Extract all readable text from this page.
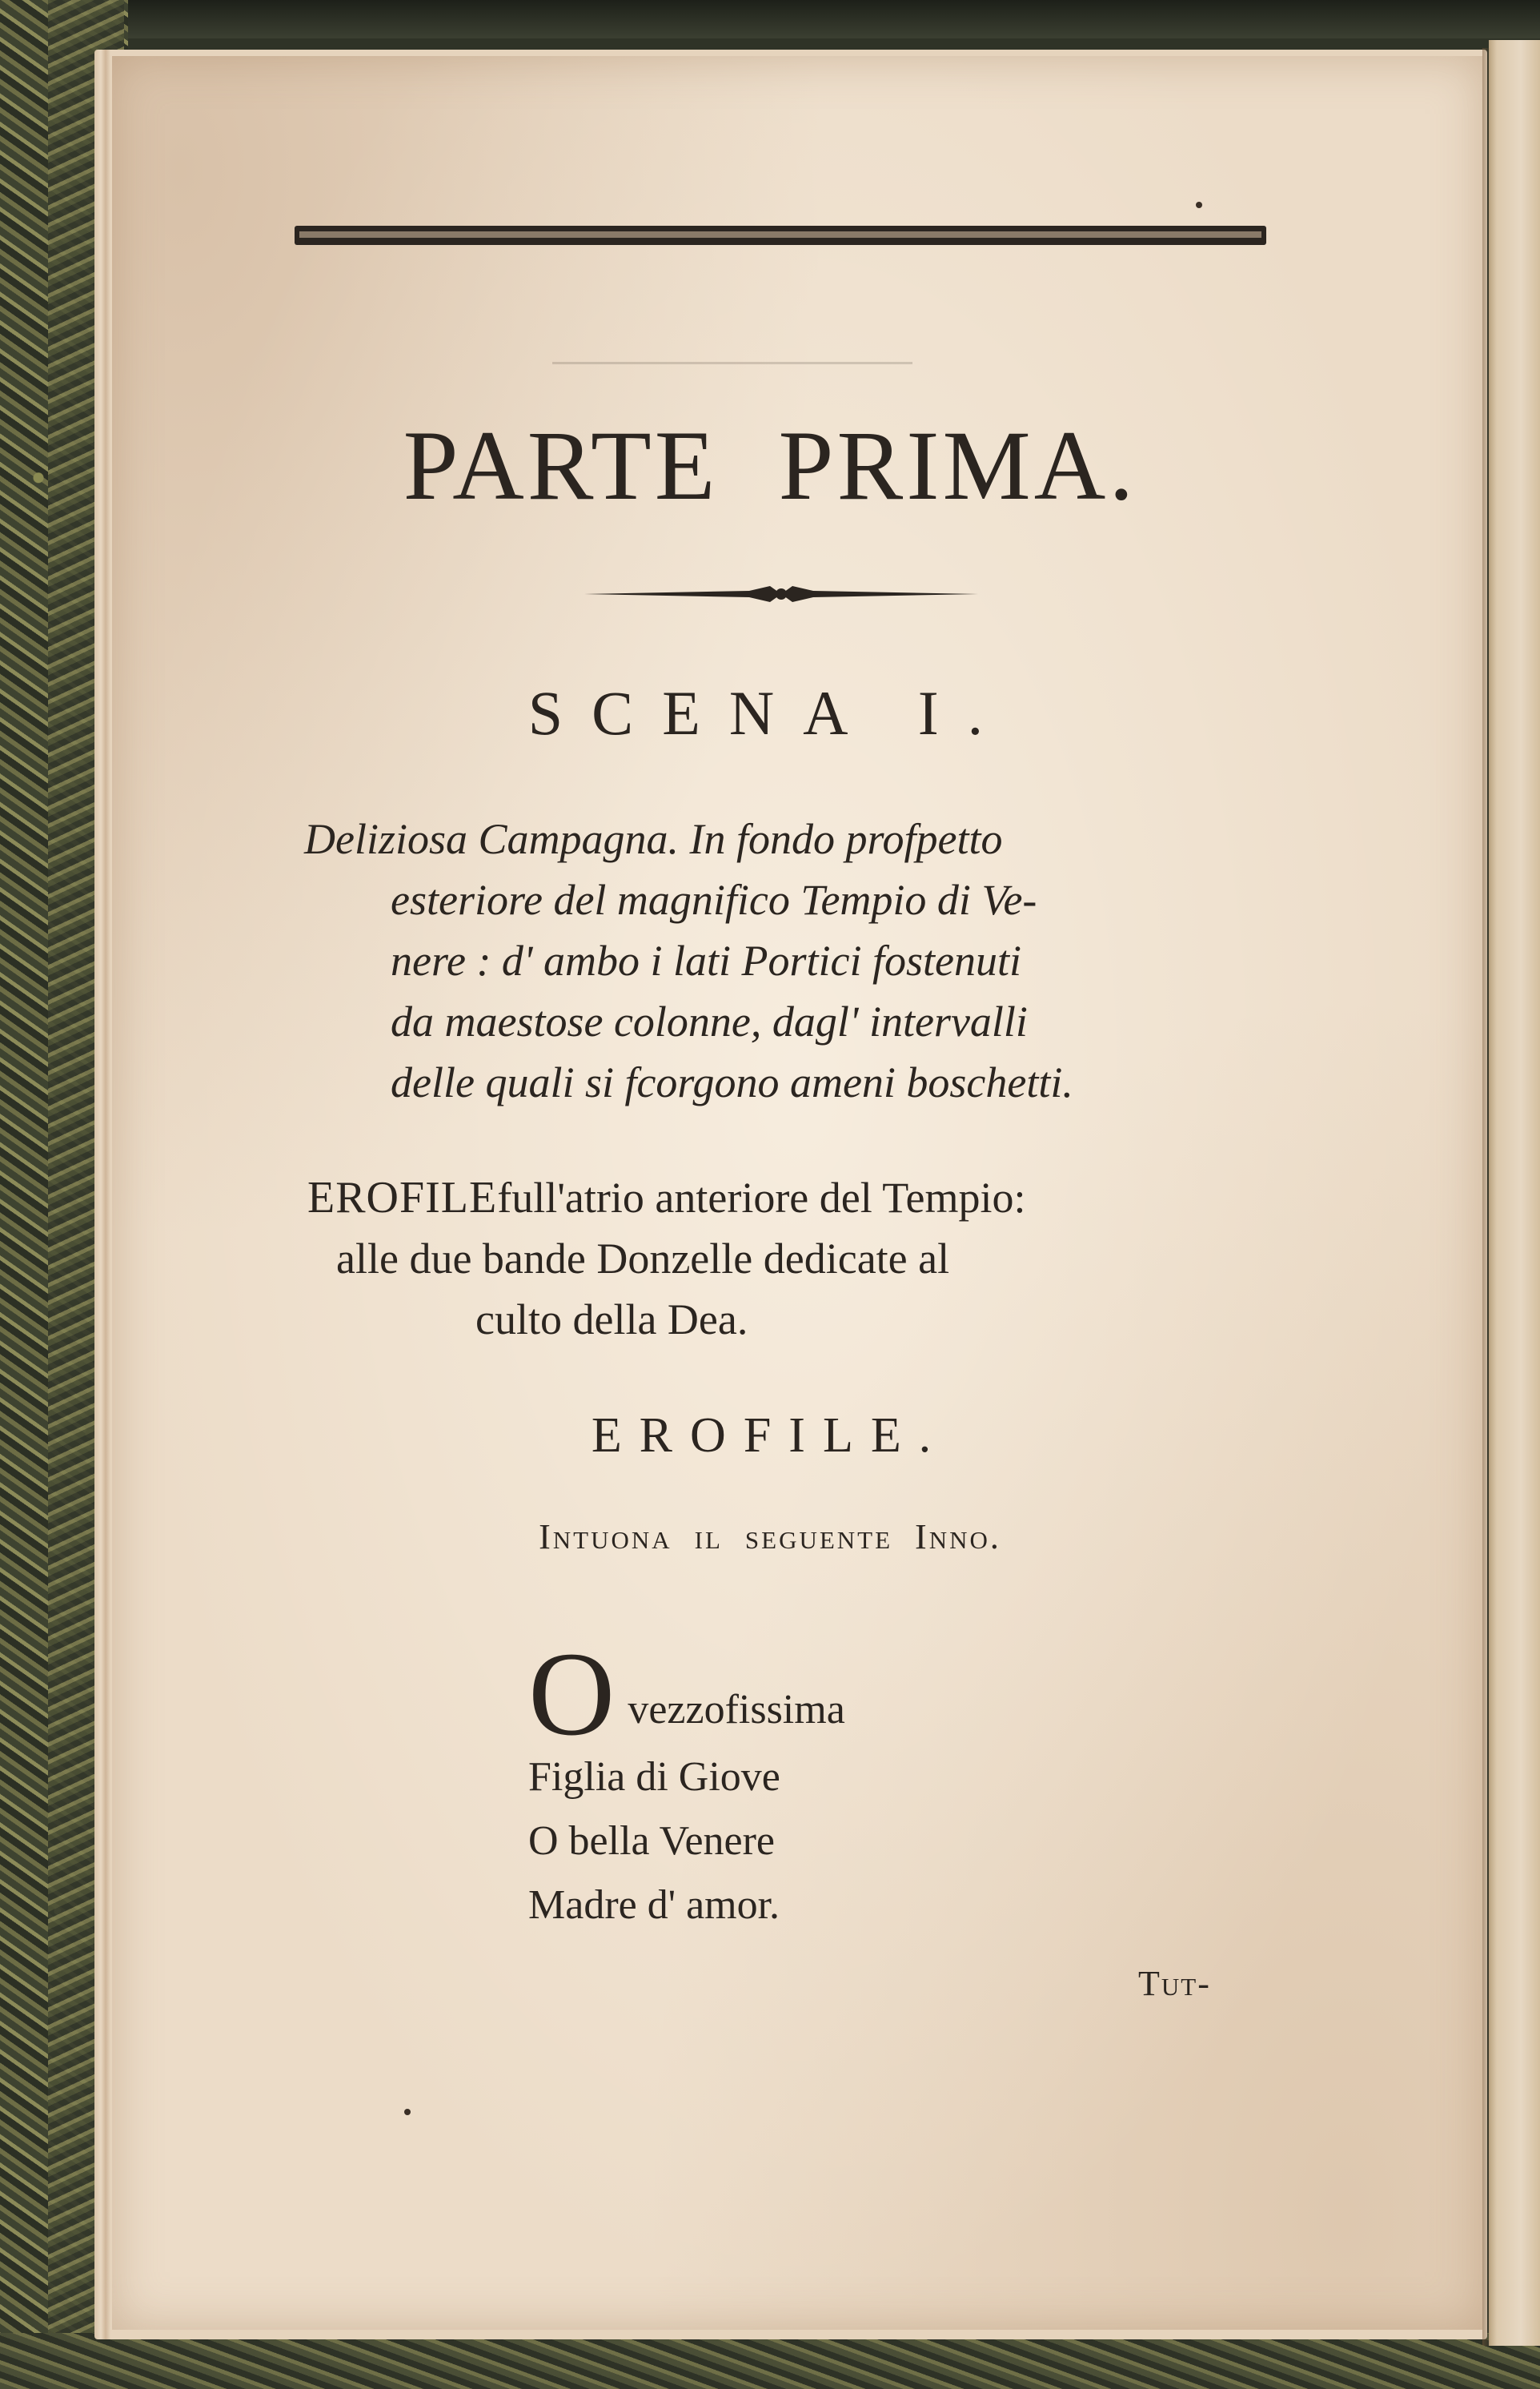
PARTE PRIMA.
SCENA I.
Deliziosa Campagna. In fondo profpetto
esteriore del magnifico Tempio di Ve-
nere : d' ambo i lati Portici fostenuti
da maestose colonne, dagl' intervalli
delle quali si fcorgono ameni boschetti.
EROFILEfull'atrio anteriore del Tempio:
alle due bande Donzelle dedicate al
culto della Dea.
EROFILE.
Intuona il seguente Inno.
O vezzofissima
Figlia di Giove
O bella Venere
Madre d' amor.
Tut-
